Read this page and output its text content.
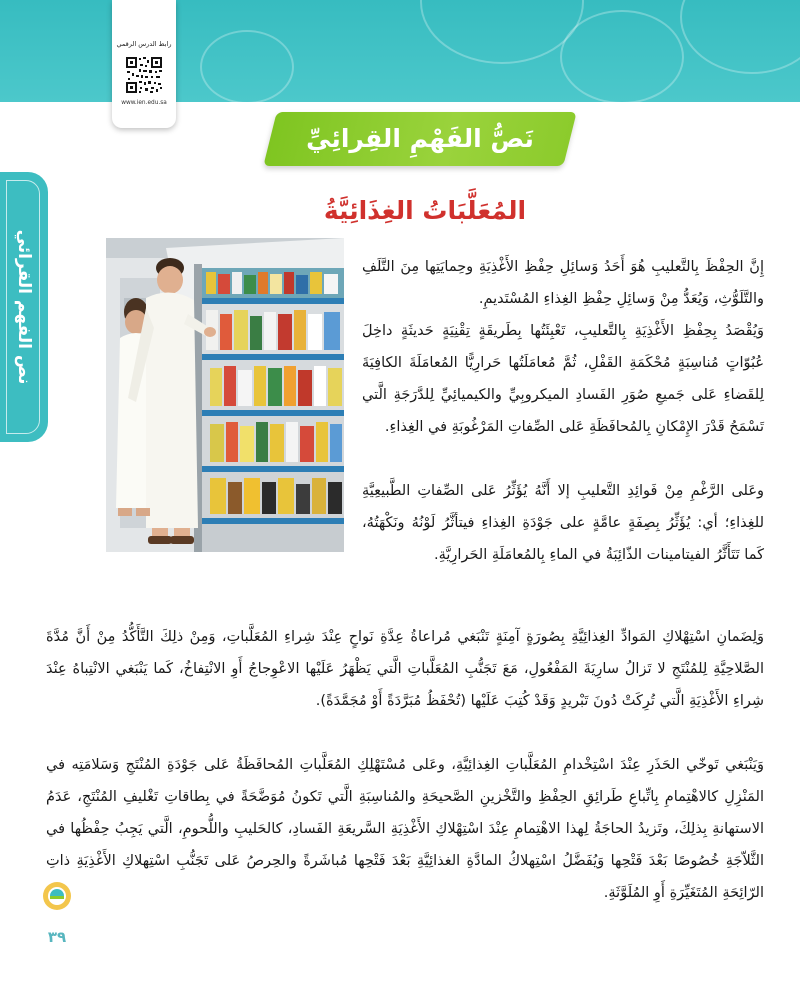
رابط الدرس الرقمي
www.ien.edu.sa
نَصُّ الفَهْمِ القِرائِيِّ
نص الفهم القرائي
المُعَلَّبَاتُ الغِذَائِيَّةُ

إِنَّ الحِفْظَ بِالتَّعليبِ هُوَ أَحَدُ وَسائِلِ حِفْظِ الأَغْذِيَةِ وحِمايَتِها مِنَ التَّلَفِ والتَّلَوُّثِ، وَيُعَدُّ مِنْ وَسائِلِ حِفْظِ الغِذاءِ المُسْتَديمِ.

وَيُقْصَدُ بِحِفْظِ الأَغْذِيَةِ بِالتَّعليبِ، تَعْبِئَتُها بِطَريقَةٍ تِقْنِيَةٍ حَديثَةٍ داخِلَ عُبُوّاتٍ مُناسِبَةٍ مُحْكَمَةِ القَفْلِ، ثُمَّ مُعامَلَتُها حَرارِيًّا المُعامَلَةَ الكافِيَةَ لِلقَضاءِ عَلى جَميعِ صُوَرِ الفَسادِ الميكروبِيِّ والكيميائِيِّ لِلدَّرَجَةِ الَّتي تَسْمَحُ قَدْرَ الإِمْكانِ بِالمُحافَظَةِ عَلى الصِّفاتِ المَرْغُوبَةِ في الغِذاءِ.

وعَلى الرَّغْمِ مِنْ فَوائِدِ التَّعليبِ إلا أَنَّهُ يُؤَثِّرُ عَلى الصِّفاتِ الطَّبيعِيَّةِ للغِذاءِ؛ أي: يُؤَثِّرُ بِصِفَةٍ عامَّةٍ على جَوْدَةِ الغِذاءِ فيتأثَّرُ لَوْنُهُ ونَكْهَتُهُ، كَما تَتَأَثَّرُ الفيتامينات الذّائِبَةُ في الماءِ بِالمُعامَلَةِ الحَرارِيَّةِ.

وَلِضَمانِ اسْتِهْلاكِ المَوادِّ الغِذائِيَّةِ بِصُورَةٍ آمِنَةٍ تَنْبَغي مُراعاةُ عِدَّةِ نَواحٍ عِنْدَ شِراءِ المُعَلَّباتِ، وَمِنْ ذلِكَ التَّأَكُّدُ مِنْ أَنَّ مُدَّةَ الصَّلاحِيَّةِ لِلمُنْتَجِ لا تَزالُ سارِيَةَ المَفْعُولِ، مَعَ تَجَنُّبِ المُعَلَّباتِ الَّتي يَظْهَرُ عَلَيْها الاعْوِجاجُ أَوِ الانْتِفاخُ، كَما يَنْبَغي الانْتِباهُ عِنْدَ شِراءِ الأَغْذِيَةِ الَّتي تُرِكَتْ دُونَ تَبْريدٍ وَقَدْ كُتِبَ عَلَيْها (تُحْفَظُ مُبَرَّدَةً أَوْ مُجَمَّدَةً).

وَيَنْبَغي تَوخّي الحَذَرِ عِنْدَ اسْتِخْدامِ المُعَلَّباتِ الغِذائِيَّةِ، وعَلى مُسْتَهْلِكِ المُعَلَّباتِ المُحافَظَةُ عَلى جَوْدَةِ المُنْتَجِ وَسَلامَتِه في المَنْزِلِ كالاهْتِمامِ بِاتِّباعِ طَرائِقِ الحِفْظِ والتَّخْزينِ الصَّحيحَةِ والمُناسِبَةِ الَّتي تَكونُ مُوَضَّحَةً في بِطاقاتِ تَغْليفِ المُنْتَجِ، عَدَمُ الاستهانةِ بِذلِكَ، وتَزيدُ الحاجَةُ لِهذا الاهْتِمامِ عِنْدَ اسْتِهْلاكِ الأَغْذِيَةِ السَّريعَةِ الفَسادِ، كالحَليبِ واللُّحومِ، الَّتي يَجِبُ حِفْظُها في الثَّلاّجَةِ خُصُوصًا بَعْدَ فَتْحِها وَيُفَضَّلُ اسْتِهلاكُ المادَّةِ الغذائِيَّةِ بَعْدَ فَتْحِها مُباشَرةً والحِرصُ عَلى تَجَنُّبِ اسْتِهلاكِ الأَغْذِيَةِ ذاتِ الرّائِحَةِ المُتَغَيِّرَةِ أَوِ المُلَوَّثَةِ.

٣٩
